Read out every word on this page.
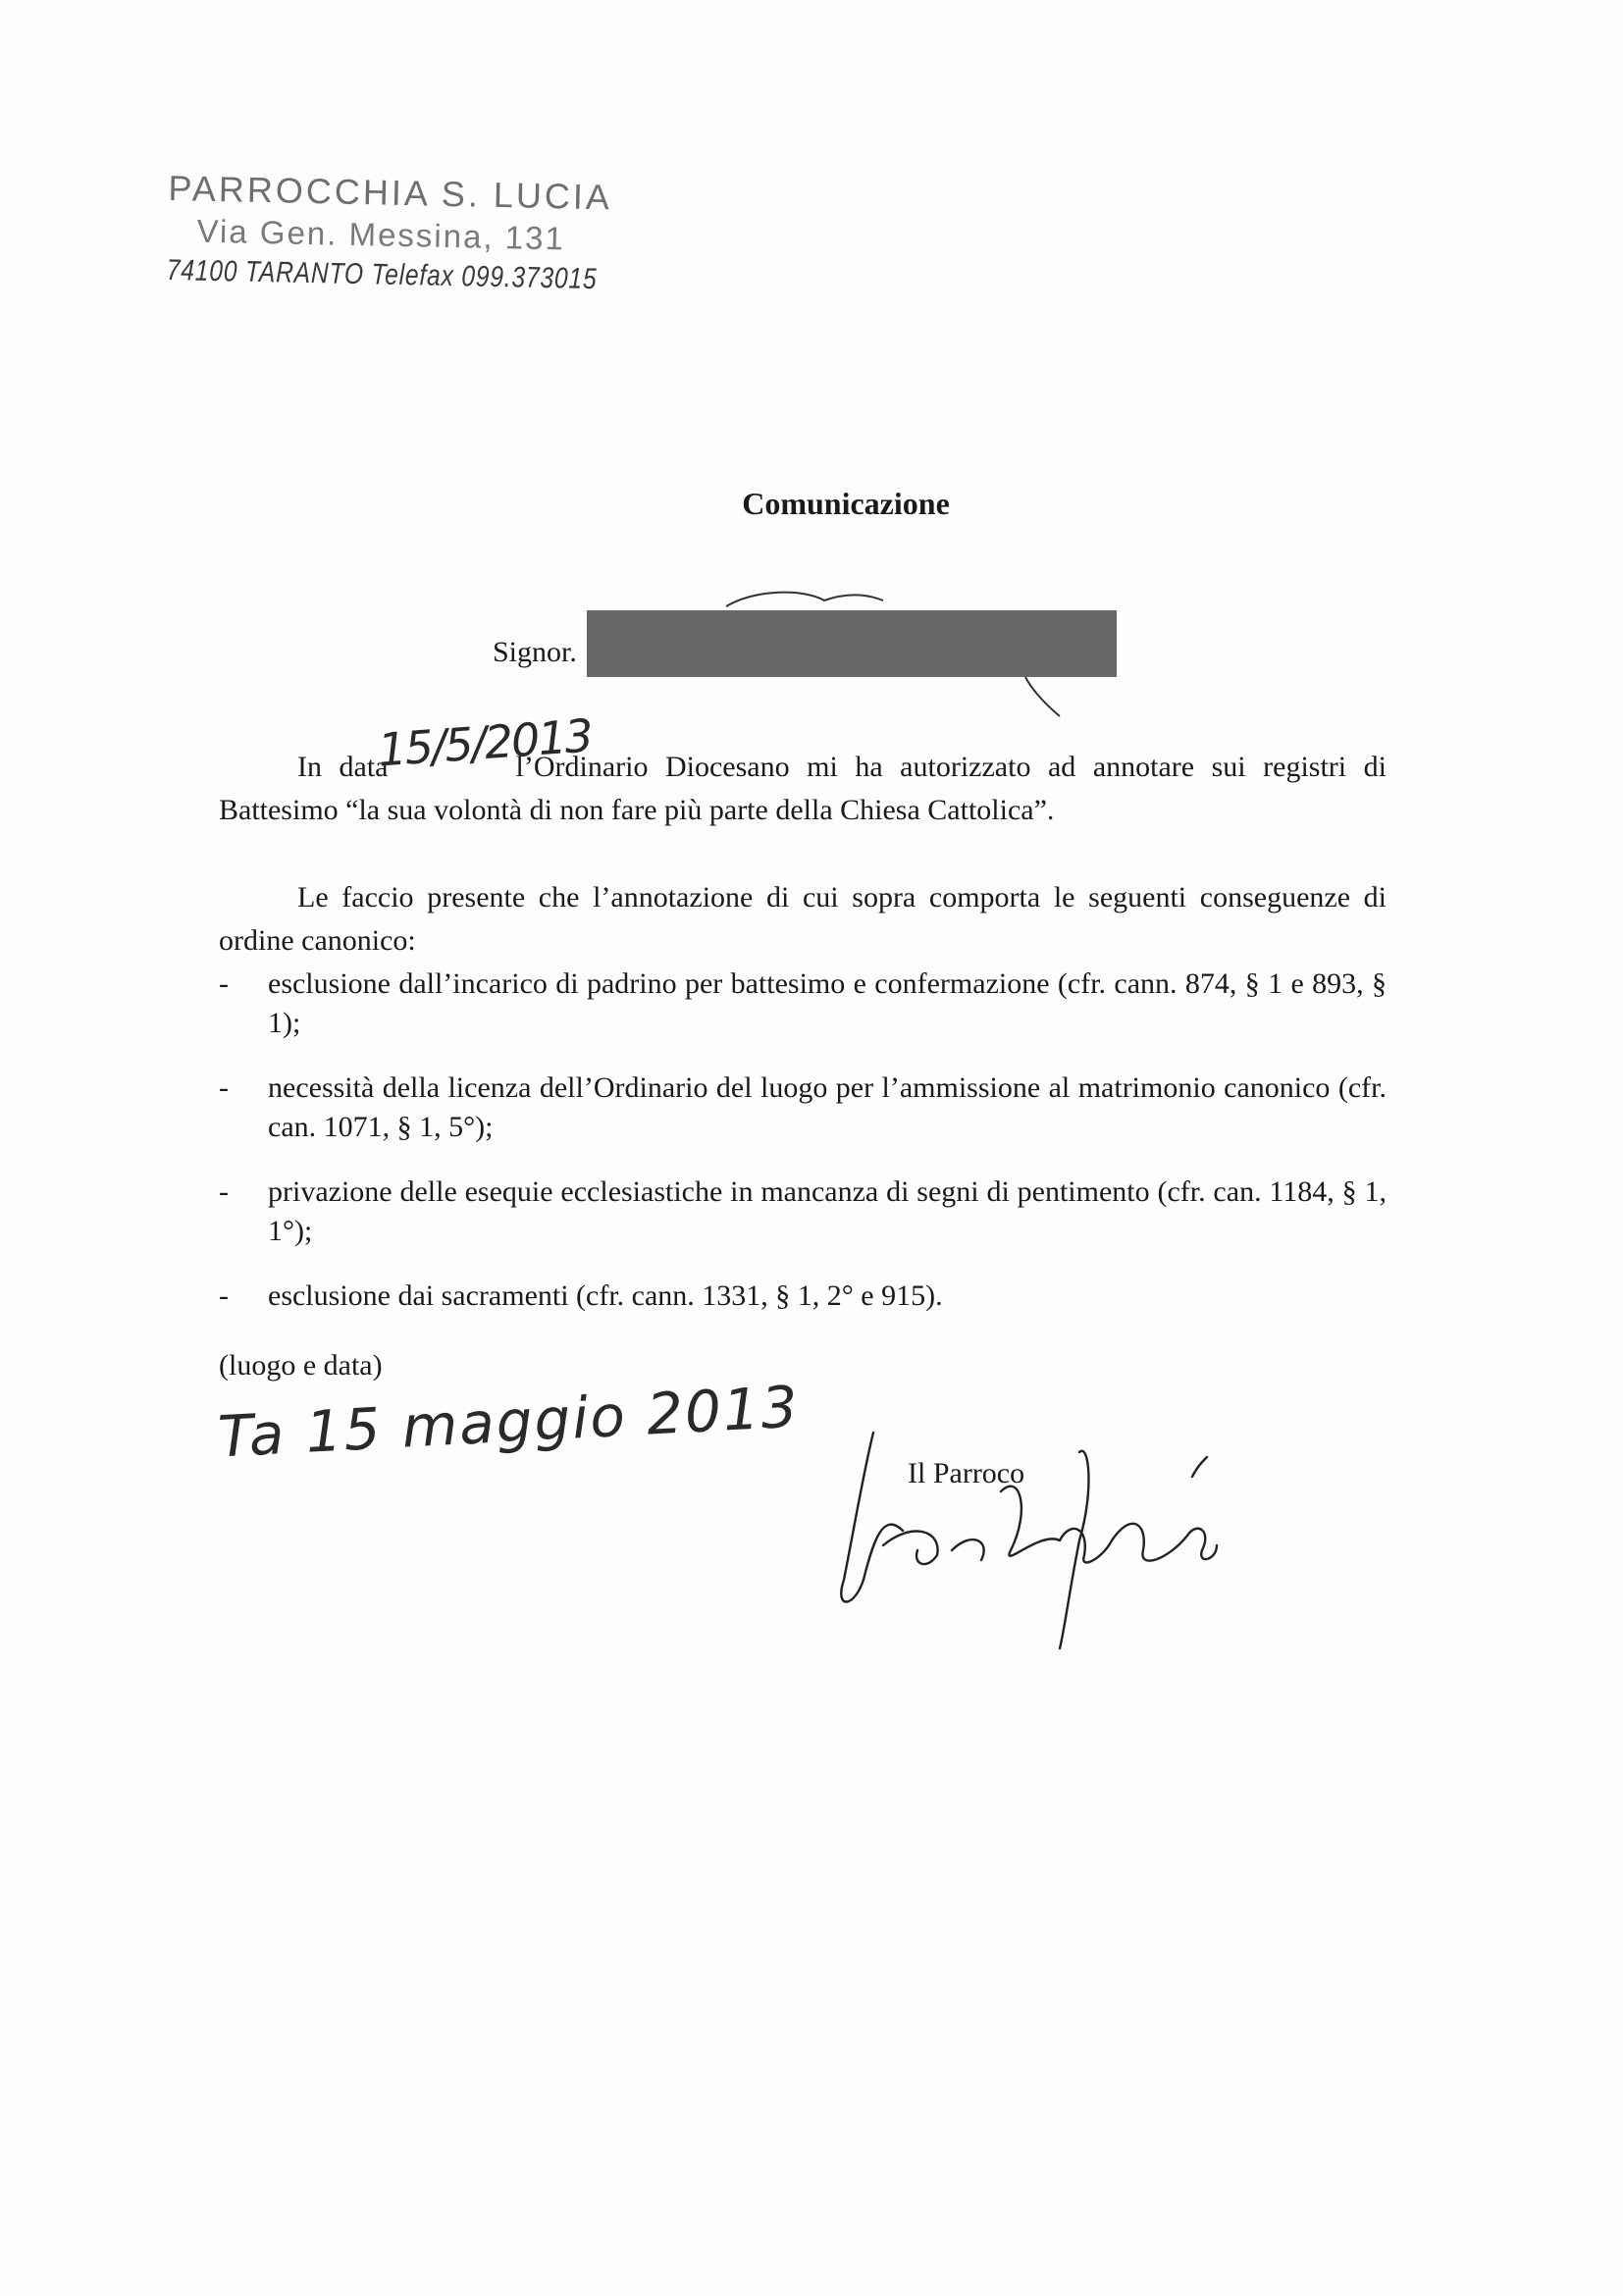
PARROCCHIA S. LUCIA
Via Gen. Messina, 131
74100 TARANTO Telefax 099.373015
Comunicazione
Signor.
In data	l’Ordinario Diocesano mi ha autorizzato ad annotare sui registri di Battesimo “la sua volontà di non fare più parte della Chiesa Cattolica”.
15/5/2013
Le faccio presente che l’annotazione di cui sopra comporta le seguenti conseguenze di ordine canonico:
- esclusione dall’incarico di padrino per battesimo e confermazione (cfr. cann. 874, § 1 e 893, § 1);
- necessità della licenza dell’Ordinario del luogo per l’ammissione al matrimonio canonico (cfr. can. 1071, § 1, 5°);
- privazione delle esequie ecclesiastiche in mancanza di segni di pentimento (cfr. can. 1184, § 1, 1°);
- esclusione dai sacramenti (cfr. cann. 1331, § 1, 2° e 915).
(luogo e data)
Ta 15 maggio 2013
Il Parroco
